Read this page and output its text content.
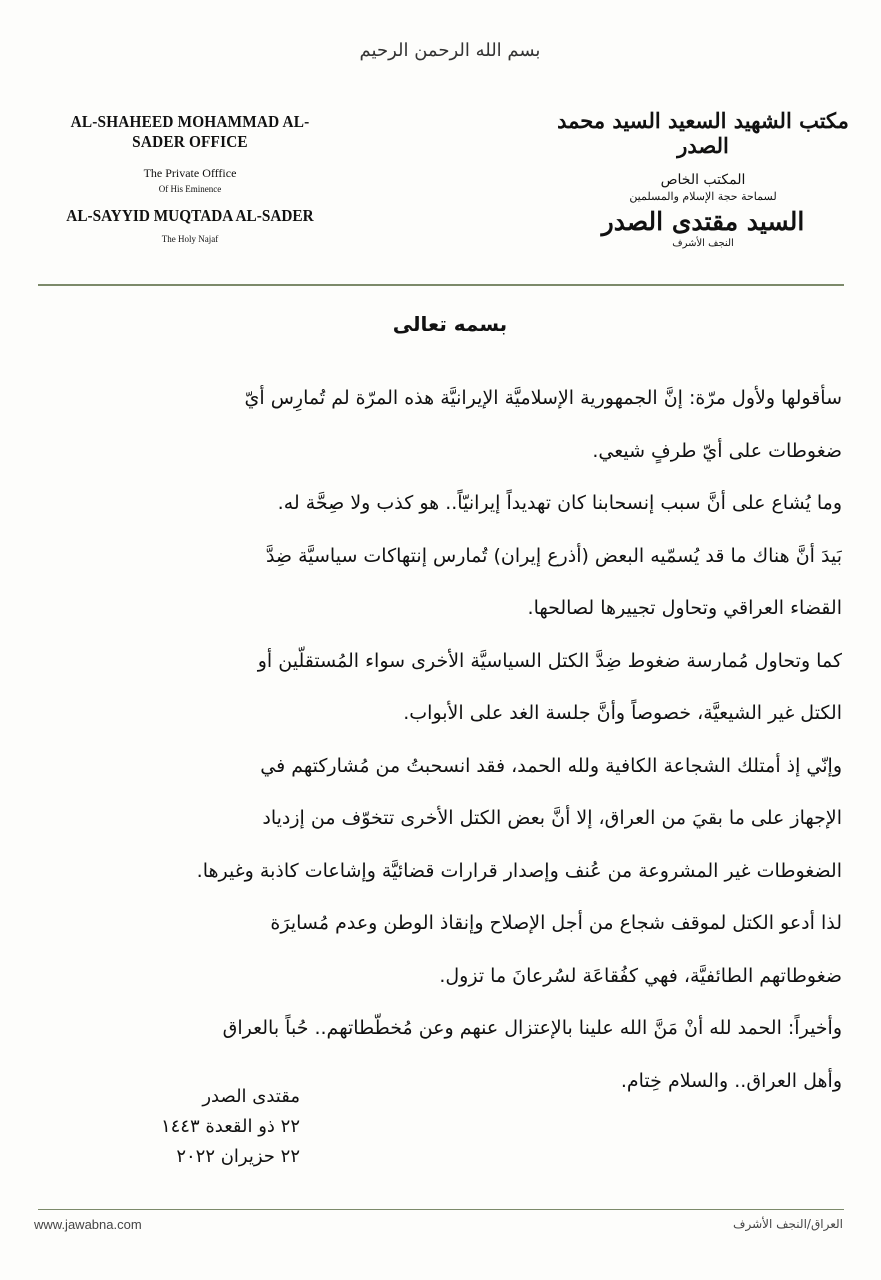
بسم الله الرحمن الرحيم
AL-SHAHEED MOHAMMAD AL-SADER OFFICE
The Private Offfice
Of His Eminence
AL-SAYYID MUQTADA AL-SADER
The Holy Najaf
مكتب الشهيد السعيد السيد محمد الصدر
المكتب الخاص
لسماحة حجة الإسلام والمسلمين
السيد مقتدى الصدر
النجف الأشرف
بسمه تعالى
سأقولها ولأول مرّة: إنَّ الجمهورية الإسلاميَّة الإيرانيَّة هذه المرّة لم تُمارِس أيّ
ضغوطات على أيّ طرفٍ شيعي.
وما يُشاع على أنَّ سبب إنسحابنا كان تهديداً إيرانيّاً.. هو كذب ولا صِحَّة له.
بَيدَ أنَّ هناك ما قد يُسمّيه البعض (أذرع إيران) تُمارس إنتهاكات سياسيَّة ضِدَّ
القضاء العراقي وتحاول تجييرها لصالحها.
كما وتحاول مُمارسة ضغوط ضِدَّ الكتل السياسيَّة الأخرى سواء المُستقلّين أو
الكتل غير الشيعيَّة، خصوصاً وأنَّ جلسة الغد على الأبواب.
وإنّي إذ أمتلك الشجاعة الكافية ولله الحمد، فقد انسحبتُ من مُشاركتهم في
الإجهاز على ما بقيَ من العراق، إلا أنَّ بعض الكتل الأخرى تتخوّف من إزدياد
الضغوطات غير المشروعة من عُنف وإصدار قرارات قضائيَّة وإشاعات كاذبة وغيرها.
لذا أدعو الكتل لموقف شجاع من أجل الإصلاح وإنقاذ الوطن وعدم مُسايرَة
ضغوطاتهم الطائفيَّة، فهي كفُقاعَة لسُرعانَ ما تزول.
وأخيراً: الحمد لله أنْ مَنَّ الله علينا بالإعتزال عنهم وعن مُخطّطاتهم.. حُباً بالعراق
وأهل العراق.. والسلام خِتام.
مقتدى الصدر
٢٢ ذو القعدة ١٤٤٣
٢٢ حزيران ٢٠٢٢
www.jawabna.com	العراق/النجف الأشرف
